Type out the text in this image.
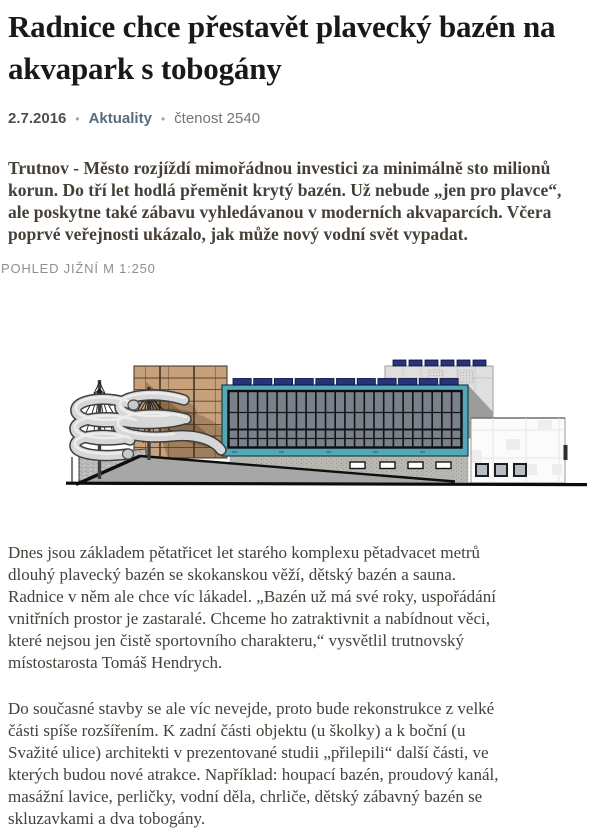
Radnice chce přestavět plavecký bazén na akvapark s tobogány
2.7.2016 • Aktuality • čtenost 2540

Trutnov - Město rozjíždí mimořádnou investici za minimálně sto milionů korun. Do tří let hodlá přeměnit krytý bazén. Už nebude „jen pro plavce“, ale poskytne také zábavu vyhledávanou v moderních akvaparcích. Včera poprvé veřejnosti ukázalo, jak může nový vodní svět vypadat.

POHLED JIŽNÍ M 1:250

Dnes jsou základem pětatřicet let starého komplexu pětadvacet metrů dlouhý plavecký bazén se skokanskou věží, dětský bazén a sauna. Radnice v něm ale chce víc lákadel. „Bazén už má své roky, uspořádání vnitřních prostor je zastaralé. Chceme ho zatraktivnit a nabídnout věci, které nejsou jen čistě sportovního charakteru,“ vysvětlil trutnovský místostarosta Tomáš Hendrych.

Do současné stavby se ale víc nevejde, proto bude rekonstrukce z velké části spíše rozšířením. K zadní části objektu (u školky) a k boční (u Svažité ulice) architekti v prezentované studii „přilepili“ další části, ve kterých budou nové atrakce. Například: houpací bazén, proudový kanál, masážní lavice, perličky, vodní děla, chrliče, dětský zábavný bazén se skluzavkami a dva tobogány.
